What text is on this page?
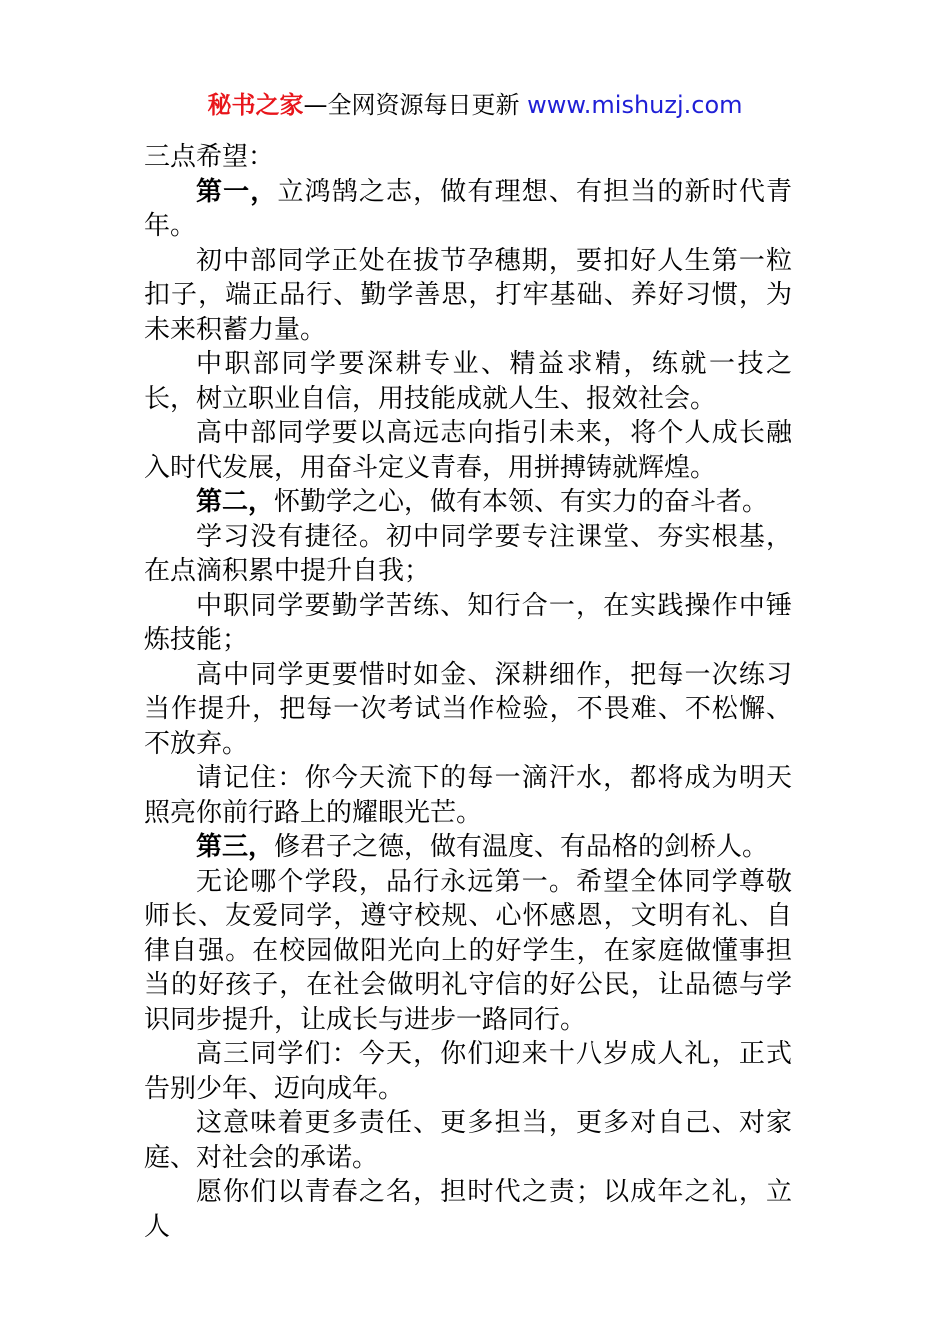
秘书之家—全网资源每日更新 www.mishuzj.com

三点希望：

第一，立鸿鹄之志，做有理想、有担当的新时代青年。

初中部同学正处在拔节孕穗期，要扣好人生第一粒扣子，端正品行、勤学善思，打牢基础、养好习惯，为未来积蓄力量。

中职部同学要深耕专业、精益求精，练就一技之长，树立职业自信，用技能成就人生、报效社会。

高中部同学要以高远志向指引未来，将个人成长融入时代发展，用奋斗定义青春，用拼搏铸就辉煌。

第二，怀勤学之心，做有本领、有实力的奋斗者。

学习没有捷径。初中同学要专注课堂、夯实根基，在点滴积累中提升自我；

中职同学要勤学苦练、知行合一，在实践操作中锤炼技能；

高中同学更要惜时如金、深耕细作，把每一次练习当作提升，把每一次考试当作检验，不畏难、不松懈、不放弃。

请记住：你今天流下的每一滴汗水，都将成为明天照亮你前行路上的耀眼光芒。

第三，修君子之德，做有温度、有品格的剑桥人。

无论哪个学段，品行永远第一。希望全体同学尊敬师长、友爱同学，遵守校规、心怀感恩，文明有礼、自律自强。在校园做阳光向上的好学生，在家庭做懂事担当的好孩子，在社会做明礼守信的好公民，让品德与学识同步提升，让成长与进步一路同行。

高三同学们：今天，你们迎来十八岁成人礼，正式告别少年、迈向成年。

这意味着更多责任、更多担当，更多对自己、对家庭、对社会的承诺。

愿你们以青春之名，担时代之责；以成年之礼，立人
